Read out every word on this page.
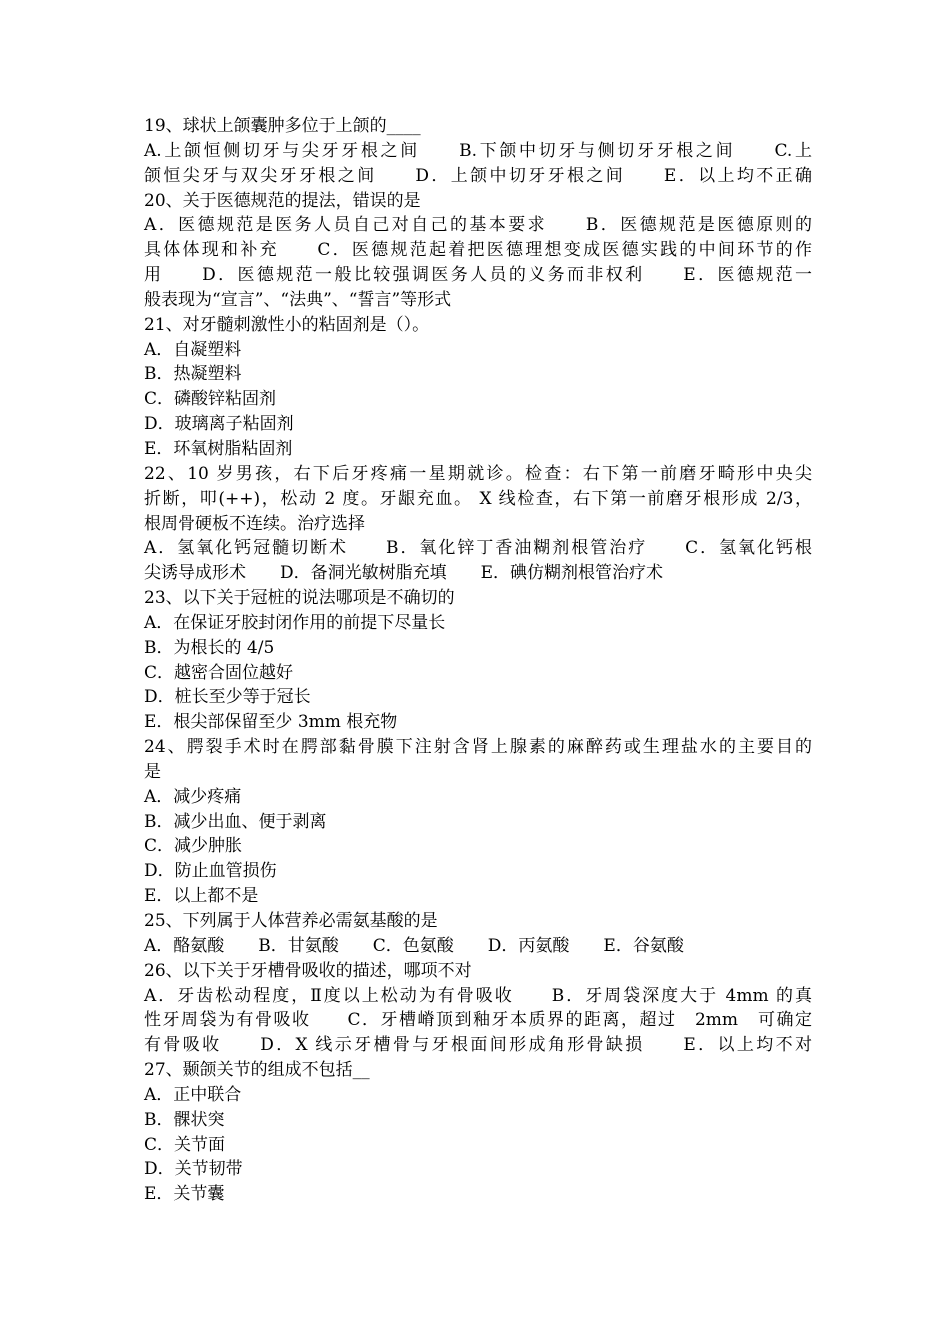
19、球状上颌囊肿多位于上颌的____
A.上颌恒侧切牙与尖牙牙根之间　　B.下颌中切牙与侧切牙牙根之间　　C.上
颌恒尖牙与双尖牙牙根之间　　D．上颌中切牙牙根之间　　E．以上均不正确
20、关于医德规范的提法，错误的是
A．医德规范是医务人员自己对自己的基本要求　　B．医德规范是医德原则的
具体体现和补充　　C．医德规范起着把医德理想变成医德实践的中间环节的作
用　　D．医德规范一般比较强调医务人员的义务而非权利　　E．医德规范一
般表现为“宣言”、“法典”、“誓言”等形式
21、对牙髓刺激性小的粘固剂是（）。
A．自凝塑料
B．热凝塑料
C．磷酸锌粘固剂
D．玻璃离子粘固剂
E．环氧树脂粘固剂
22、10 岁男孩，右下后牙疼痛一星期就诊。检查：右下第一前磨牙畸形中央尖
折断，叩(++)，松动 2 度。牙龈充血。 X 线检查，右下第一前磨牙根形成 2/3，
根周骨硬板不连续。治疗选择
A．氢氧化钙冠髓切断术　　B．氧化锌丁香油糊剂根管治疗　　C．氢氧化钙根
尖诱导成形术　　D．备洞光敏树脂充填　　E．碘仿糊剂根管治疗术
23、以下关于冠桩的说法哪项是不确切的
A．在保证牙胶封闭作用的前提下尽量长
B．为根长的 4/5
C．越密合固位越好
D．桩长至少等于冠长
E．根尖部保留至少 3mm 根充物
24、腭裂手术时在腭部黏骨膜下注射含肾上腺素的麻醉药或生理盐水的主要目的
是
A．减少疼痛
B．减少出血、便于剥离
C．减少肿胀
D．防止血管损伤
E．以上都不是
25、下列属于人体营养必需氨基酸的是
A．酪氨酸　　B．甘氨酸　　C．色氨酸　　D．丙氨酸　　E．谷氨酸
26、以下关于牙槽骨吸收的描述，哪项不对
A．牙齿松动程度，Ⅱ度以上松动为有骨吸收　　B．牙周袋深度大于 4mm 的真
性牙周袋为有骨吸收　　C．牙槽嵴顶到釉牙本质界的距离，超过　2mm　可确定
有骨吸收　　D．X 线示牙槽骨与牙根面间形成角形骨缺损　　E．以上均不对
27、颞颌关节的组成不包括__
A．正中联合
B．髁状突
C．关节面
D．关节韧带
E．关节囊
